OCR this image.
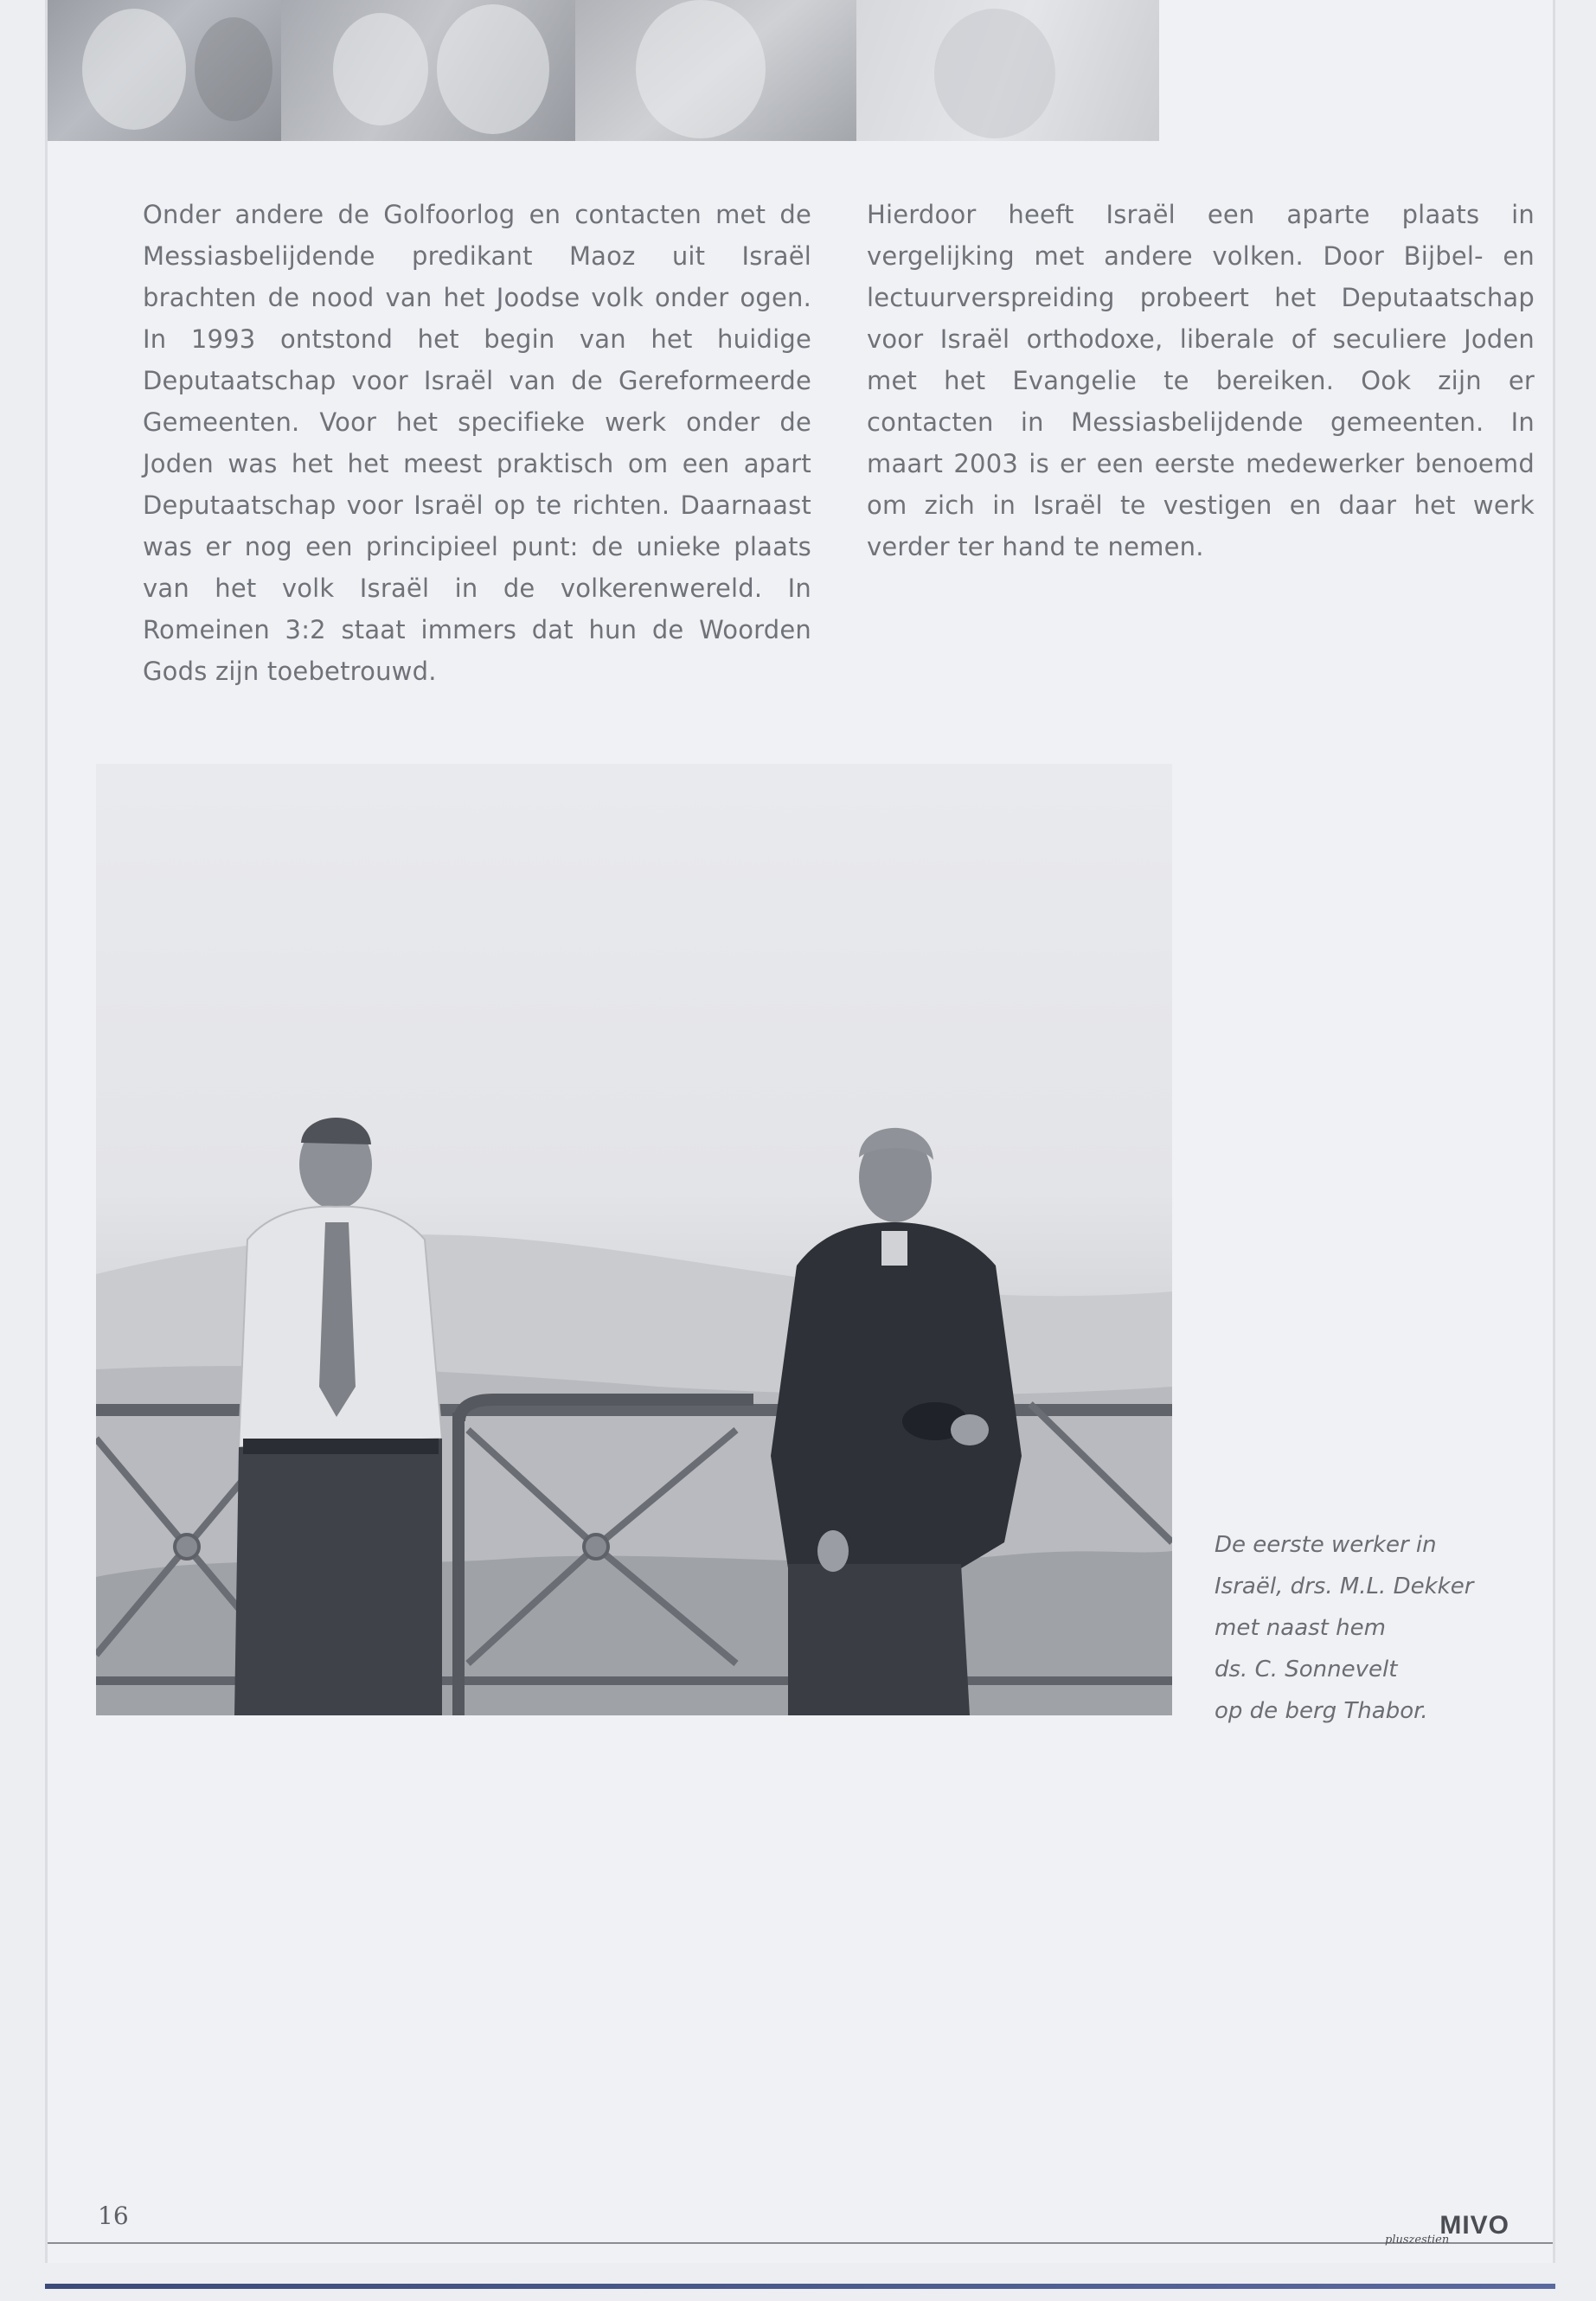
Onder andere de Golfoorlog en contacten met de Messiasbelijdende predikant Maoz uit Israël brachten de nood van het Joodse volk onder ogen. In 1993 ontstond het begin van het huidige Deputaatschap voor Israël van de Gereformeerde Gemeenten. Voor het specifieke werk onder de Joden was het het meest praktisch om een apart Deputaatschap voor Israël op te richten. Daarnaast was er nog een principieel punt: de unieke plaats van het volk Israël in de volkerenwereld. In Romeinen 3:2 staat immers dat hun de Woorden Gods zijn toebetrouwd.

Hierdoor heeft Israël een aparte plaats in vergelijking met andere volken. Door Bijbel- en lectuurverspreiding probeert het Deputaatschap voor Israël orthodoxe, liberale of seculiere Joden met het Evangelie te bereiken. Ook zijn er contacten in Messiasbelijdende gemeenten. In maart 2003 is er een eerste medewerker benoemd om zich in Israël te vestigen en daar het werk verder ter hand te nemen.

De eerste werker in
Israël, drs. M.L. Dekker
met naast hem
ds. C. Sonnevelt
op de berg Thabor.
16	MIVO
pluszestien
